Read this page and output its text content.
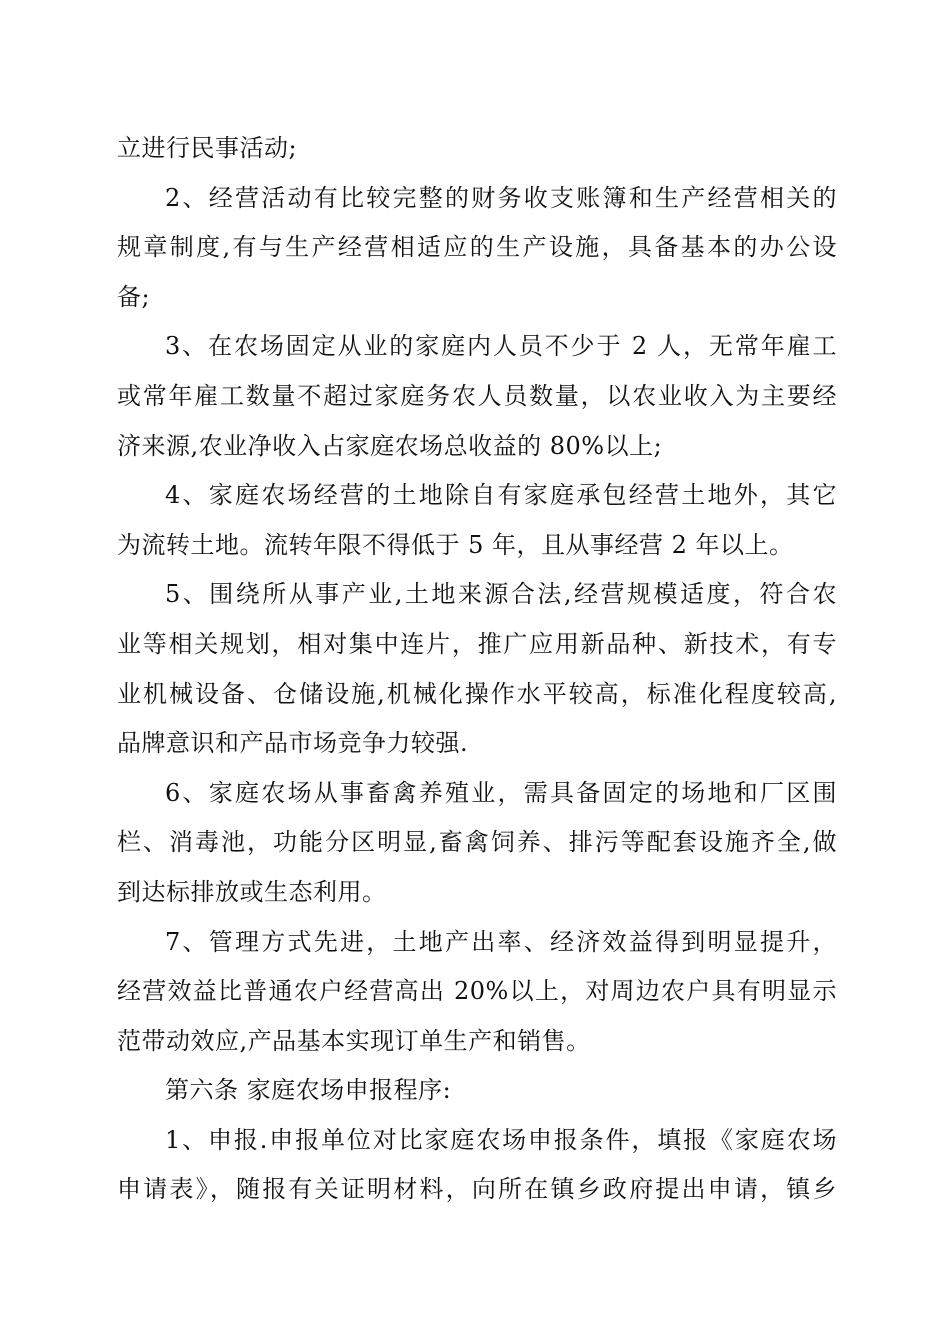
立进行民事活动;
2、经营活动有比较完整的财务收支账簿和生产经营相关的
规章制度,有与生产经营相适应的生产设施，具备基本的办公设
备;
3、在农场固定从业的家庭内人员不少于 2 人，无常年雇工
或常年雇工数量不超过家庭务农人员数量，以农业收入为主要经
济来源,农业净收入占家庭农场总收益的 80%以上;
4、家庭农场经营的土地除自有家庭承包经营土地外，其它
为流转土地。流转年限不得低于 5 年，且从事经营 2 年以上。
5、围绕所从事产业,土地来源合法,经营规模适度，符合农
业等相关规划，相对集中连片，推广应用新品种、新技术，有专
业机械设备、仓储设施,机械化操作水平较高，标准化程度较高,
品牌意识和产品市场竞争力较强.
6、家庭农场从事畜禽养殖业，需具备固定的场地和厂区围
栏、消毒池，功能分区明显,畜禽饲养、排污等配套设施齐全,做
到达标排放或生态利用。
7、管理方式先进，土地产出率、经济效益得到明显提升，
经营效益比普通农户经营高出 20%以上，对周边农户具有明显示
范带动效应,产品基本实现订单生产和销售。
第六条 家庭农场申报程序:
1、申报.申报单位对比家庭农场申报条件，填报《家庭农场
申请表》，随报有关证明材料，向所在镇乡政府提出申请，镇乡
